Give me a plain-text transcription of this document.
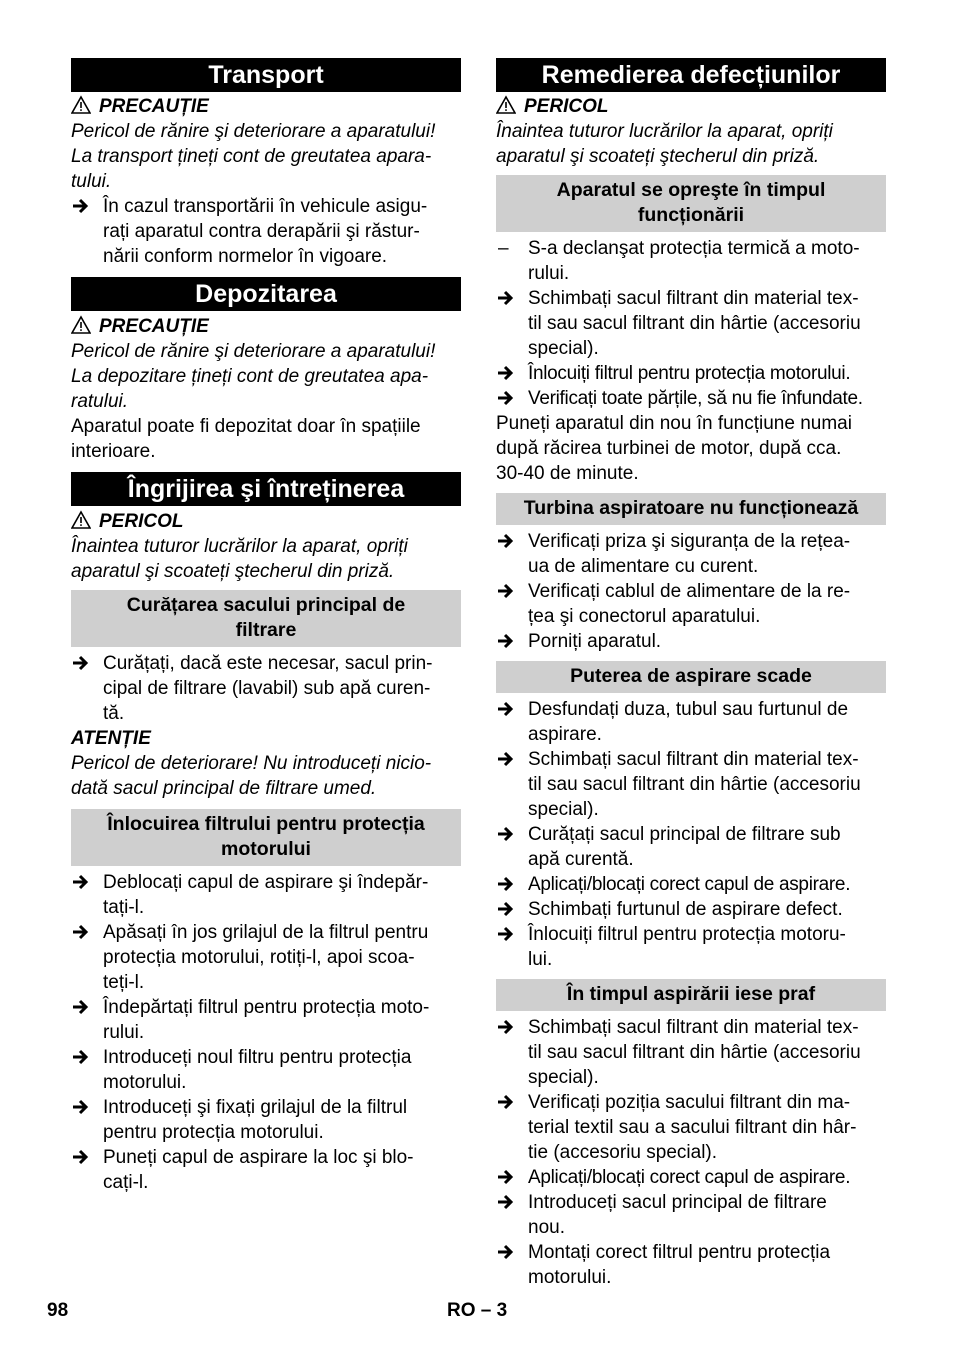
Transport
PRECAUȚIE
Pericol de rănire şi deteriorare a aparatului!
La transport țineți cont de greutatea apara-
tului.
În cazul transportării în vehicule asigu-
rați aparatul contra derapării şi răstur-
nării conform normelor în vigoare.
Depozitarea
PRECAUȚIE
Pericol de rănire şi deteriorare a aparatului!
La depozitare țineți cont de greutatea apa-
ratului.
Aparatul poate fi depozitat doar în spațiile
interioare.
Îngrijirea şi întreținerea
PERICOL
Înaintea tuturor lucrărilor la aparat, opriți
aparatul şi scoateți ştecherul din priză.
Curățarea sacului principal de
filtrare
Curățați, dacă este necesar, sacul prin-
cipal de filtrare (lavabil) sub apă curen-
tă.
ATENȚIE
Pericol de deteriorare! Nu introduceți nicio-
dată sacul principal de filtrare umed.
Înlocuirea filtrului pentru protecția
motorului
Deblocați capul de aspirare şi îndepăr-
tați-l.
Apăsați în jos grilajul de la filtrul pentru
protecția motorului, rotiți-l, apoi scoa-
teți-l.
Îndepărtați filtrul pentru protecția moto-
rului.
Introduceți noul filtru pentru protecția
motorului.
Introduceți şi fixați grilajul de la filtrul
pentru protecția motorului.
Puneți capul de aspirare la loc şi blo-
cați-l.
Remedierea defecțiunilor
PERICOL
Înaintea tuturor lucrărilor la aparat, opriți
aparatul şi scoateți ştecherul din priză.
Aparatul se opreşte în timpul
funcționării
–	S-a declanşat protecția termică a moto-
rului.
Schimbați sacul filtrant din material tex-
til sau sacul filtrant din hârtie (accesoriu
special).
Înlocuiți filtrul pentru protecția motorului.
Verificați toate părțile, să nu fie înfundate.
Puneți aparatul din nou în funcțiune numai
după răcirea turbinei de motor, după cca.
30-40 de minute.
Turbina aspiratoare nu funcționează
Verificați priza şi siguranța de la rețea-
ua de alimentare cu curent.
Verificați cablul de alimentare de la re-
țea şi conectorul aparatului.
Porniți aparatul.
Puterea de aspirare scade
Desfundați duza, tubul sau furtunul de
aspirare.
Schimbați sacul filtrant din material tex-
til sau sacul filtrant din hârtie (accesoriu
special).
Curățați sacul principal de filtrare sub
apă curentă.
Aplicați/blocați corect capul de aspirare.
Schimbați furtunul de aspirare defect.
Înlocuiți filtrul pentru protecția motoru-
lui.
În timpul aspirării iese praf
Schimbați sacul filtrant din material tex-
til sau sacul filtrant din hârtie (accesoriu
special).
Verificați poziția sacului filtrant din ma-
terial textil sau a sacului filtrant din hâr-
tie (accesoriu special).
Aplicați/blocați corect capul de aspirare.
Introduceți sacul principal de filtrare
nou.
Montați corect filtrul pentru protecția
motorului.
98	RO – 3
